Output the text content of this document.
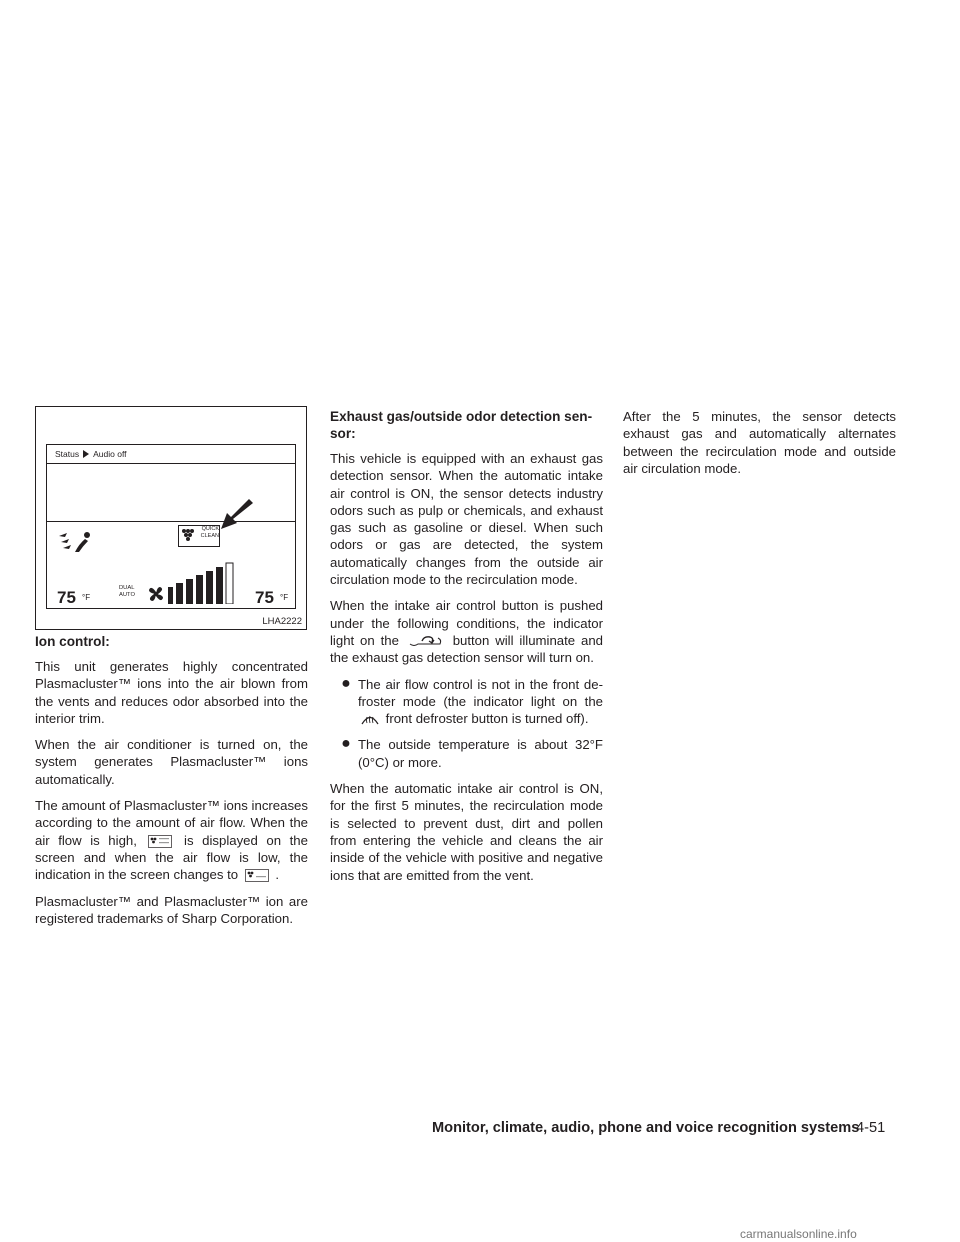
Status Audio off
QUICK CLEAN
75 °F
DUAL AUTO	75 °F
LHA2222
Ion control:

This unit generates highly concentrated Plasmacluster™ ions into the air blown from the vents and reduces odor absorbed into the interior trim.

When the air conditioner is turned on, the system generates Plasmacluster™ ions automatically.

The amount of Plasmacluster™ ions increases according to the amount of air flow. When the air flow is high,	is displayed on the screen and when the air flow is low, the indication in the screen changes to	.

Plasmacluster™ and Plasmacluster™ ion are registered trademarks of Sharp Corporation.

Exhaust gas/outside odor detection sensor:

This vehicle is equipped with an exhaust gas detection sensor. When the automatic intake air control is ON, the sensor detects industry odors such as pulp or chemicals, and exhaust gas such as gasoline or diesel. When such odors or gas are detected, the system automatically changes from the outside air circulation mode to the recirculation mode.

When the intake air control button is pushed under the following conditions, the indicator light on the	button will illuminate and the exhaust gas detection sensor will turn on.

● The air flow control is not in the front defroster mode (the indicator light on the  front defroster button is turned off).
● The outside temperature is about 32°F (0°C) or more.

When the automatic intake air control is ON, for the first 5 minutes, the recirculation mode is selected to prevent dust, dirt and pollen from entering the vehicle and cleans the air inside of the vehicle with positive and negative ions that are emitted from the vent.

After the 5 minutes, the sensor detects exhaust gas and automatically alternates between the recirculation mode and outside air circulation mode.

Monitor, climate, audio, phone and voice recognition systems
4-51
carmanualsonline.info
